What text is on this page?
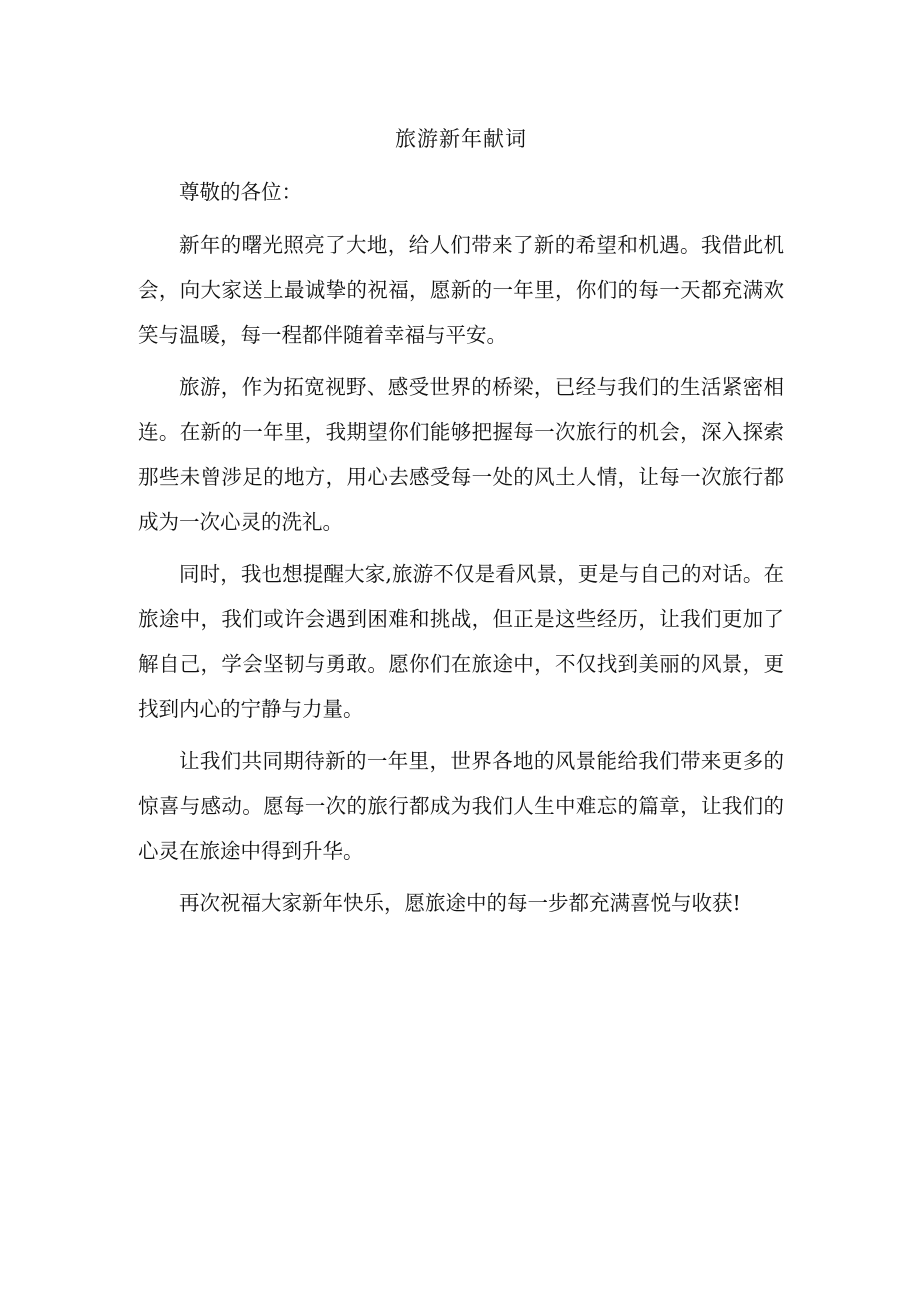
旅游新年献词

尊敬的各位：

新年的曙光照亮了大地，给人们带来了新的希望和机遇。我借此机会，向大家送上最诚挚的祝福，愿新的一年里，你们的每一天都充满欢笑与温暖，每一程都伴随着幸福与平安。

旅游，作为拓宽视野、感受世界的桥梁，已经与我们的生活紧密相连。在新的一年里，我期望你们能够把握每一次旅行的机会，深入探索那些未曾涉足的地方，用心去感受每一处的风土人情，让每一次旅行都成为一次心灵的洗礼。

同时，我也想提醒大家,旅游不仅是看风景，更是与自己的对话。在旅途中，我们或许会遇到困难和挑战，但正是这些经历，让我们更加了解自己，学会坚韧与勇敢。愿你们在旅途中，不仅找到美丽的风景，更找到内心的宁静与力量。

让我们共同期待新的一年里，世界各地的风景能给我们带来更多的惊喜与感动。愿每一次的旅行都成为我们人生中难忘的篇章，让我们的心灵在旅途中得到升华。

再次祝福大家新年快乐，愿旅途中的每一步都充满喜悦与收获!
